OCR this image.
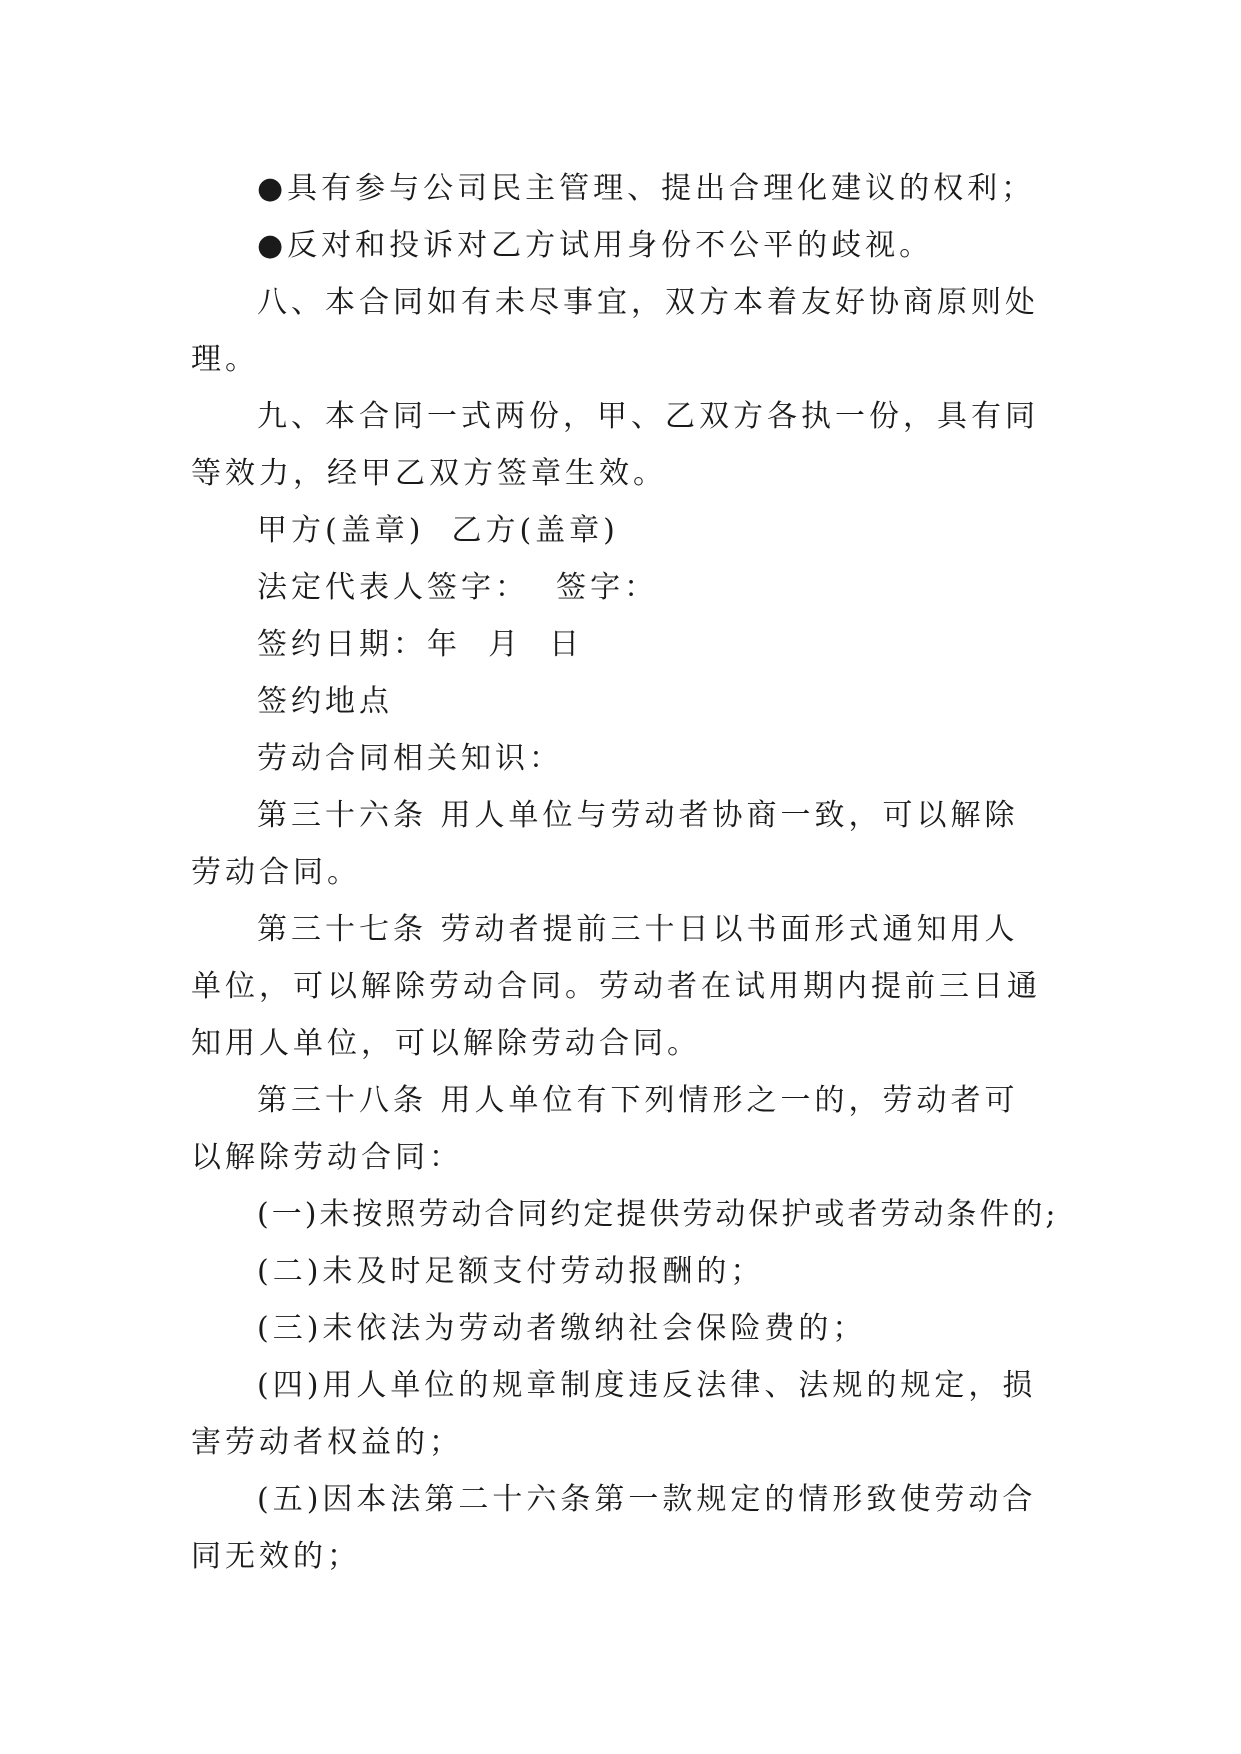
●具有参与公司民主管理、提出合理化建议的权利；

●反对和投诉对乙方试用身份不公平的歧视。

八、本合同如有未尽事宜，双方本着友好协商原则处理。

九、本合同一式两份，甲、乙双方各执一份，具有同等效力，经甲乙双方签章生效。

甲方(盖章)  乙方(盖章)

法定代表人签字：  签字：

签约日期：年  月  日

签约地点

劳动合同相关知识：

第三十六条 用人单位与劳动者协商一致，可以解除劳动合同。

第三十七条 劳动者提前三十日以书面形式通知用人单位，可以解除劳动合同。劳动者在试用期内提前三日通知用人单位，可以解除劳动合同。

第三十八条 用人单位有下列情形之一的，劳动者可以解除劳动合同：

(一)未按照劳动合同约定提供劳动保护或者劳动条件的;

(二)未及时足额支付劳动报酬的；

(三)未依法为劳动者缴纳社会保险费的；

(四)用人单位的规章制度违反法律、法规的规定，损害劳动者权益的；

(五)因本法第二十六条第一款规定的情形致使劳动合同无效的；
